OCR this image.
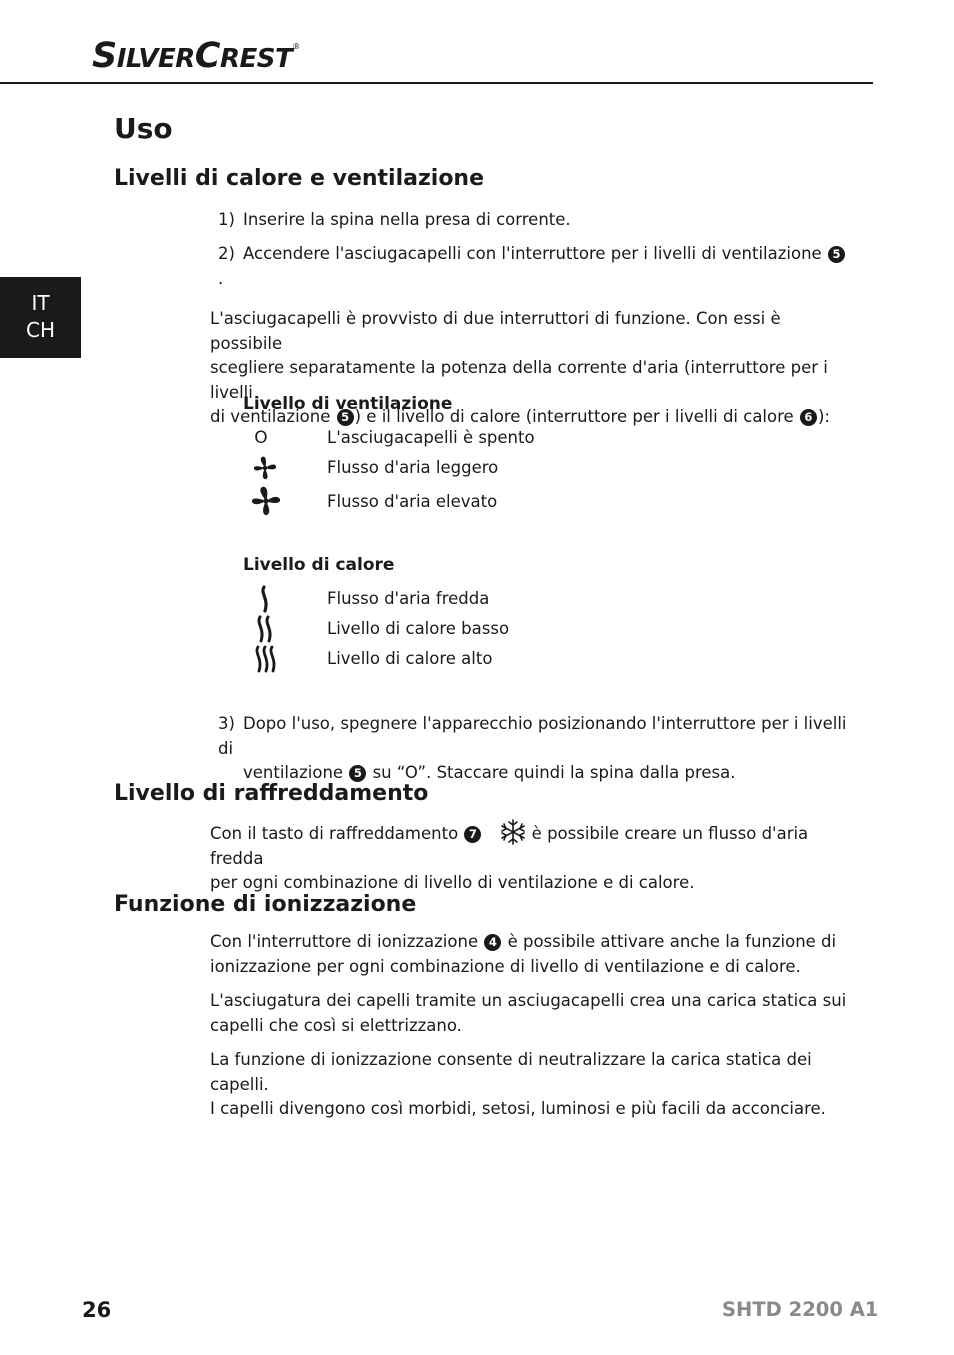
SILVERCREST®
IT
CH
Uso
Livelli di calore e ventilazione
1) Inserire la spina nella presa di corrente.
2) Accendere l'asciugacapelli con l'interruttore per i livelli di ventilazione 5.
L'asciugacapelli è provvisto di due interruttori di funzione. Con essi è possibile
scegliere separatamente la potenza della corrente d'aria (interruttore per i livelli
di ventilazione 5 ) e il livello di calore (interruttore per i livelli di calore 6 ):
Livello di ventilazione
O	L'asciugacapelli è spento
Flusso d'aria leggero
Flusso d'aria elevato
Livello di calore
Flusso d'aria fredda
Livello di calore basso
Livello di calore alto
3) Dopo l'uso, spegnere l'apparecchio posizionando l'interruttore per i livelli di
ventilazione 5 su “O”. Staccare quindi la spina dalla presa.
Livello di raffreddamento
Con il tasto di raffreddamento 7	è possibile creare un flusso d'aria fredda
per ogni combinazione di livello di ventilazione e di calore.
Funzione di ionizzazione
Con l'interruttore di ionizzazione 4 è possibile attivare anche la funzione di
ionizzazione per ogni combinazione di livello di ventilazione e di calore.
L'asciugatura dei capelli tramite un asciugacapelli crea una carica statica sui
capelli che così si elettrizzano.
La funzione di ionizzazione consente di neutralizzare la carica statica dei capelli.
I capelli divengono così morbidi, setosi, luminosi e più facili da acconciare.
26	SHTD 2200 A1
